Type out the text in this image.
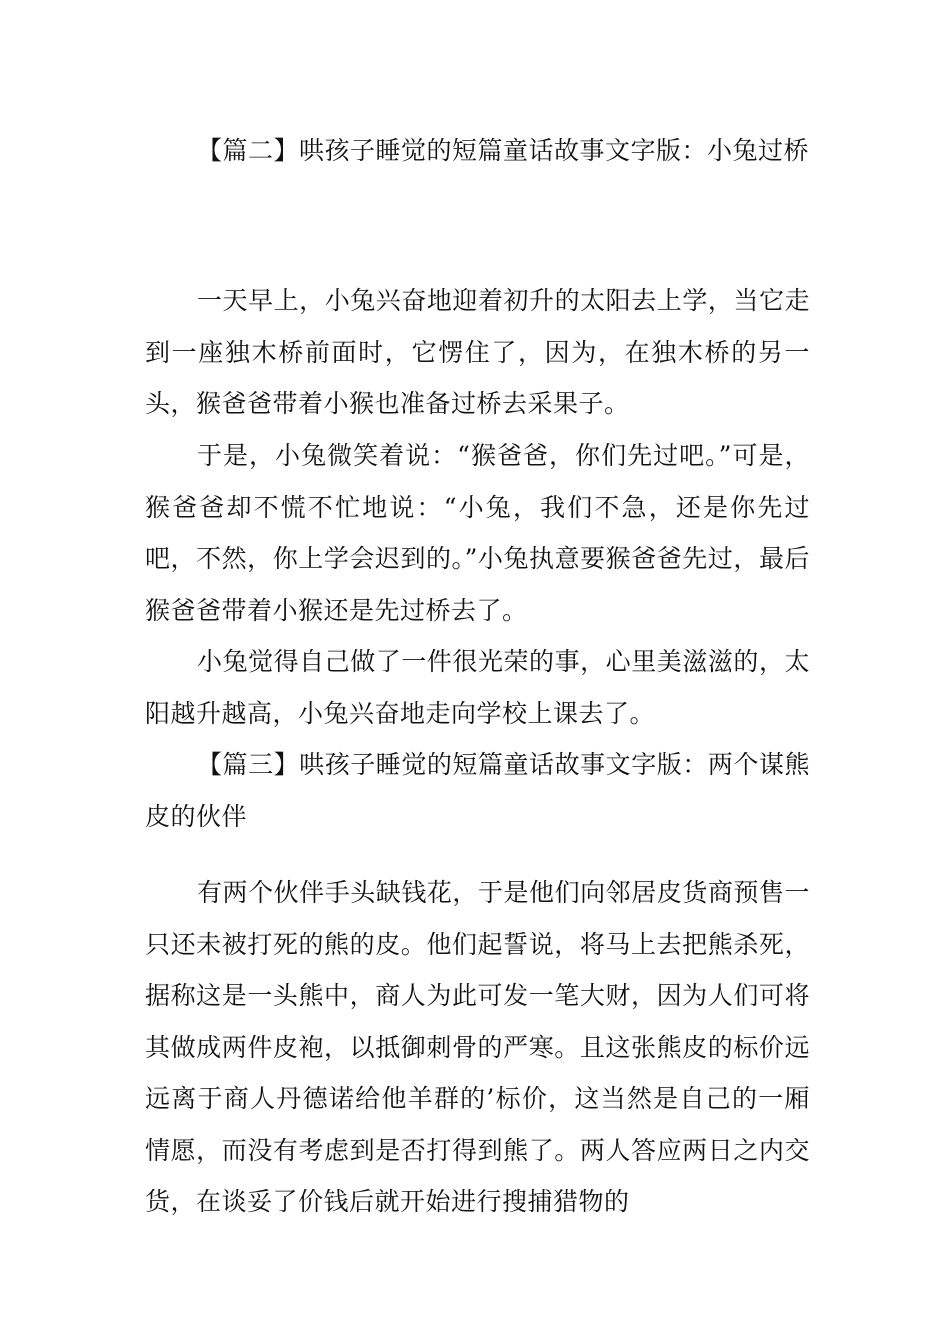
【篇二】哄孩子睡觉的短篇童话故事文字版：小兔过桥

一天早上，小兔兴奋地迎着初升的太阳去上学，当它走到一座独木桥前面时，它愣住了，因为，在独木桥的另一头，猴爸爸带着小猴也准备过桥去采果子。

于是，小兔微笑着说：“猴爸爸，你们先过吧。”可是，猴爸爸却不慌不忙地说：“小兔，我们不急，还是你先过吧，不然，你上学会迟到的。”小兔执意要猴爸爸先过，最后猴爸爸带着小猴还是先过桥去了。

小兔觉得自己做了一件很光荣的事，心里美滋滋的，太阳越升越高，小兔兴奋地走向学校上课去了。

【篇三】哄孩子睡觉的短篇童话故事文字版：两个谋熊皮的伙伴

有两个伙伴手头缺钱花，于是他们向邻居皮货商预售一只还未被打死的熊的皮。他们起誓说，将马上去把熊杀死，据称这是一头熊中，商人为此可发一笔大财，因为人们可将其做成两件皮袍，以抵御刺骨的严寒。且这张熊皮的标价远远离于商人丹德诺给他羊群的’标价，这当然是自己的一厢情愿，而没有考虑到是否打得到熊了。两人答应两日之内交货，在谈妥了价钱后就开始进行搜捕猎物的
